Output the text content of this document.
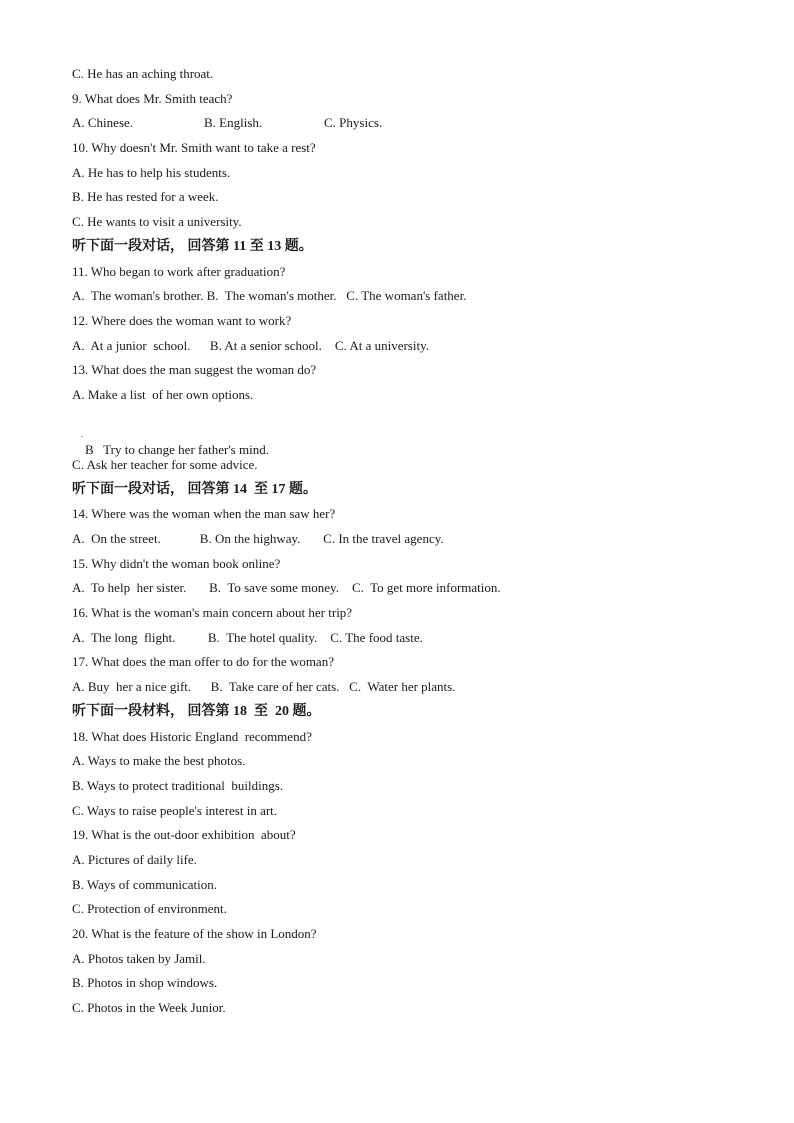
C. He has an aching throat.
9. What does Mr. Smith teach?
A. Chinese.	B. English.	C. Physics.
10. Why doesn't Mr. Smith want to take a rest?
A. He has to help his students.
B. He has rested for a week.
C. He wants to visit a university.
听下面一段对话， 回答第 11 至 13 题。
11. Who began to work after graduation?
A.  The woman's brother. B.  The woman's mother.   C. The woman's father.
12. Where does the woman want to work?
A.  At a junior  school.      B. At a senior school.    C. At a university.
13. What does the man suggest the woman do?
A. Make a list  of her own options.

B   Try to change her father's mind.

.

C. Ask her teacher for some advice.
听下面一段对话， 回答第 14  至 17 题。
14. Where was the woman when the man saw her?
A.  On the street.            B. On the highway.       C. In the travel agency.
15. Why didn't the woman book online?
A.  To help  her sister.       B.  To save some money.    C.  To get more information.
16. What is the woman's main concern about her trip?
A.  The long  flight.          B.  The hotel quality.    C. The food taste.
17. What does the man offer to do for the woman?
A. Buy  her a nice gift.      B.  Take care of her cats.   C.  Water her plants.
听下面一段材料， 回答第 18  至  20 题。
18. What does Historic England  recommend?
A. Ways to make the best photos.
B. Ways to protect traditional  buildings.
C. Ways to raise people's interest in art.
19. What is the out-door exhibition  about?
A. Pictures of daily life.
B. Ways of communication.
C. Protection of environment.
20. What is the feature of the show in London?
A. Photos taken by Jamil.
B. Photos in shop windows.
C. Photos in the Week Junior.
